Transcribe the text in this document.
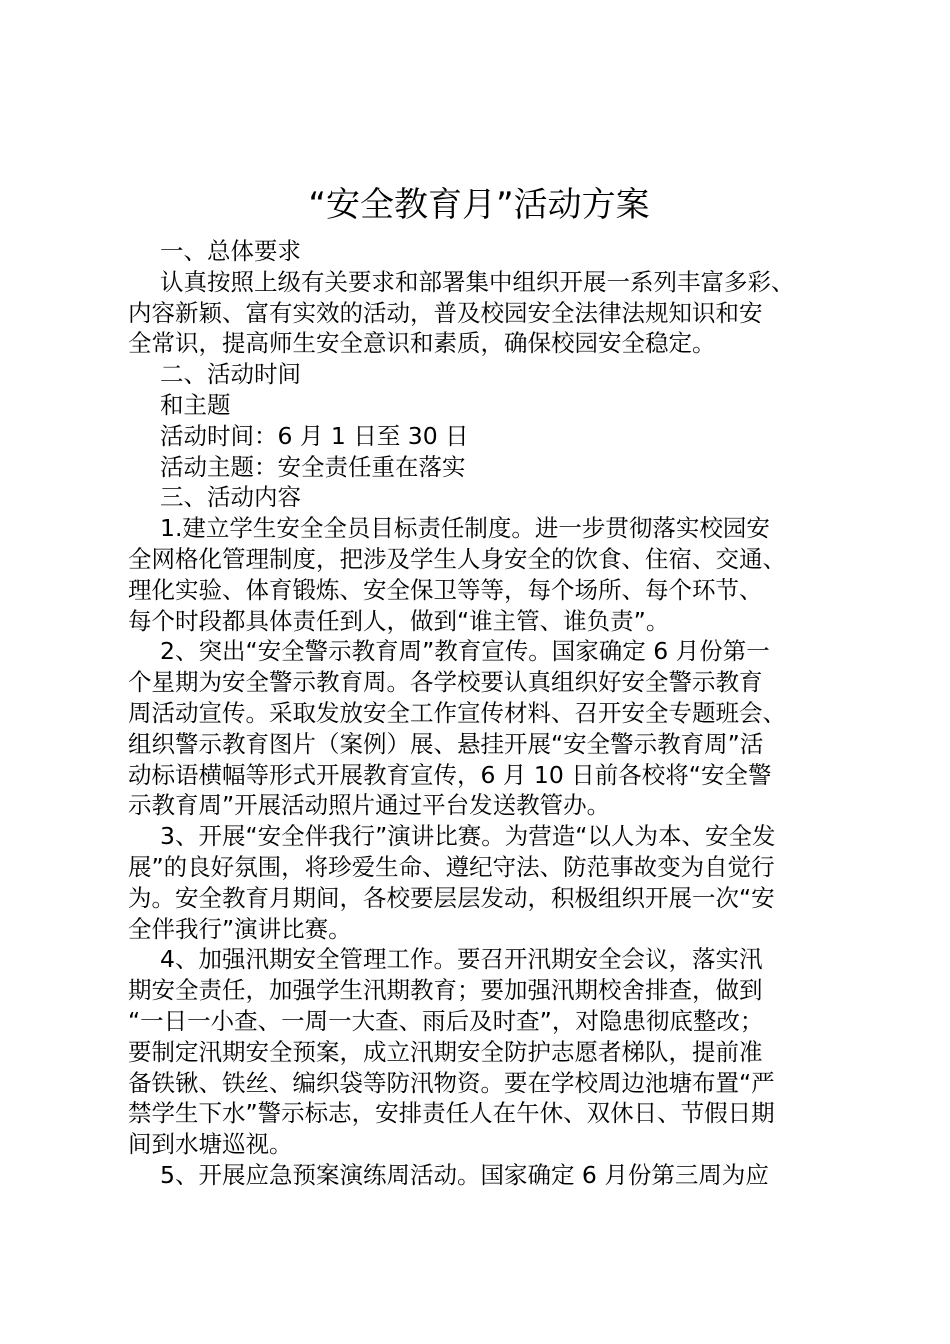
“安全教育月”活动方案

一、总体要求

认真按照上级有关要求和部署集中组织开展一系列丰富多彩、

内容新颖、富有实效的活动，普及校园安全法律法规知识和安

全常识，提高师生安全意识和素质，确保校园安全稳定。

二、活动时间

和主题

活动时间：6 月 1 日至 30 日

活动主题：安全责任重在落实

三、活动内容

1.建立学生安全全员目标责任制度。进一步贯彻落实校园安

全网格化管理制度，把涉及学生人身安全的饮食、住宿、交通、

理化实验、体育锻炼、安全保卫等等，每个场所、每个环节、

每个时段都具体责任到人，做到“谁主管、谁负责”。

2、突出“安全警示教育周”教育宣传。国家确定 6 月份第一

个星期为安全警示教育周。各学校要认真组织好安全警示教育

周活动宣传。采取发放安全工作宣传材料、召开安全专题班会、

组织警示教育图片（案例）展、悬挂开展“安全警示教育周”活

动标语横幅等形式开展教育宣传，6 月 10 日前各校将“安全警

示教育周”开展活动照片通过平台发送教管办。

3、开展“安全伴我行”演讲比赛。为营造“以人为本、安全发

展”的良好氛围，将珍爱生命、遵纪守法、防范事故变为自觉行

为。安全教育月期间，各校要层层发动，积极组织开展一次“安

全伴我行”演讲比赛。

4、加强汛期安全管理工作。要召开汛期安全会议，落实汛

期安全责任，加强学生汛期教育；要加强汛期校舍排查，做到

“一日一小查、一周一大查、雨后及时查”，对隐患彻底整改；

要制定汛期安全预案，成立汛期安全防护志愿者梯队，提前准

备铁锹、铁丝、编织袋等防汛物资。要在学校周边池塘布置“严

禁学生下水”警示标志，安排责任人在午休、双休日、节假日期

间到水塘巡视。

5、开展应急预案演练周活动。国家确定 6 月份第三周为应
